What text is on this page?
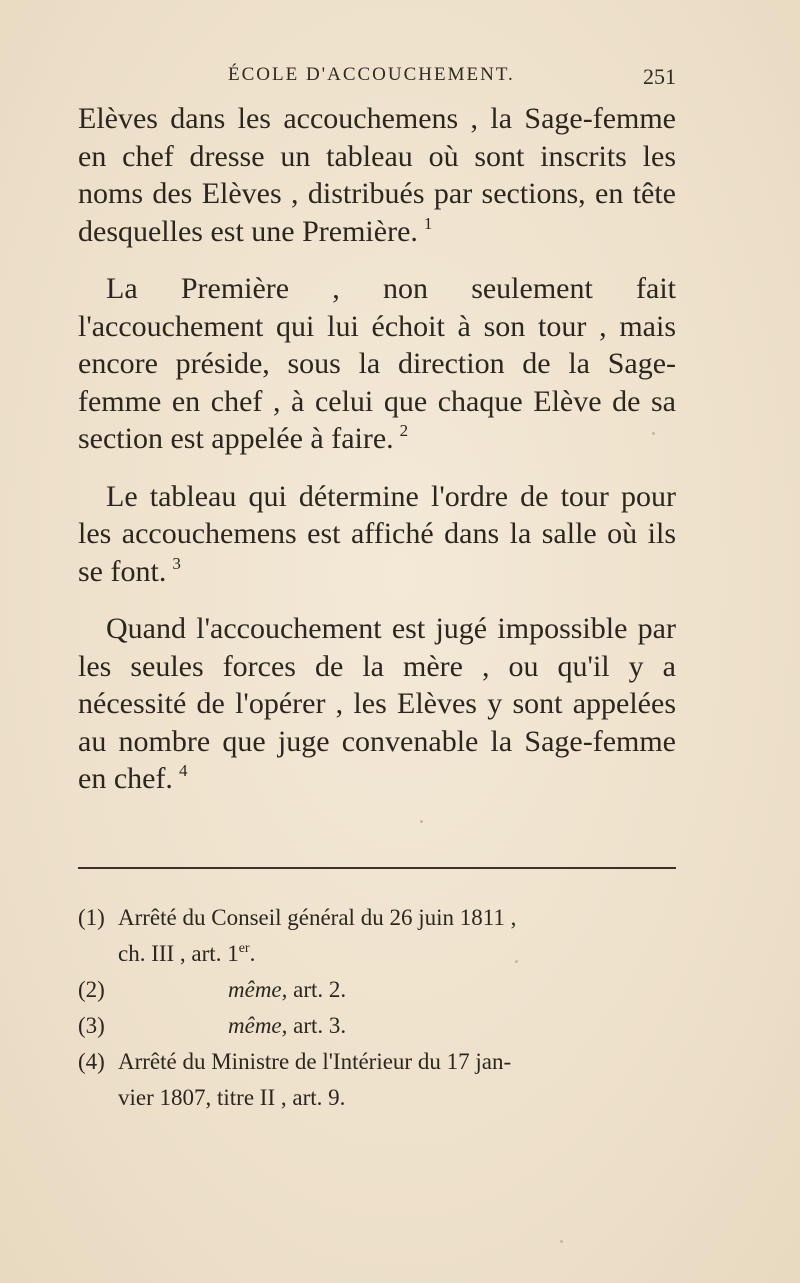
ÉCOLE D'ACCOUCHEMENT.	251

Elèves dans les accouchemens , la Sage-femme en chef dresse un tableau où sont inscrits les noms des Elèves , distribués par sections, en tête desquelles est une Première. $^1$

La Première , non seulement fait l'accouchement qui lui échoit à son tour , mais encore préside, sous la direction de la Sage-femme en chef , à celui que chaque Elève de sa section est appelée à faire. $^2$

Le tableau qui détermine l'ordre de tour pour les accouchemens est affiché dans la salle où ils se font. $^3$

Quand l'accouchement est jugé impossible par les seules forces de la mère , ou qu'il y a nécessité de l'opérer , les Elèves y sont appelées au nombre que juge convenable la Sage-femme en chef. $^4$

(1) Arrêté du Conseil général du 26 juin 1811 ,
ch. III , art. 1er.
(2)	même, art. 2.
(3)	même, art. 3.
(4) Arrêté du Ministre de l'Intérieur du 17 jan-
vier 1807, titre II , art. 9.
